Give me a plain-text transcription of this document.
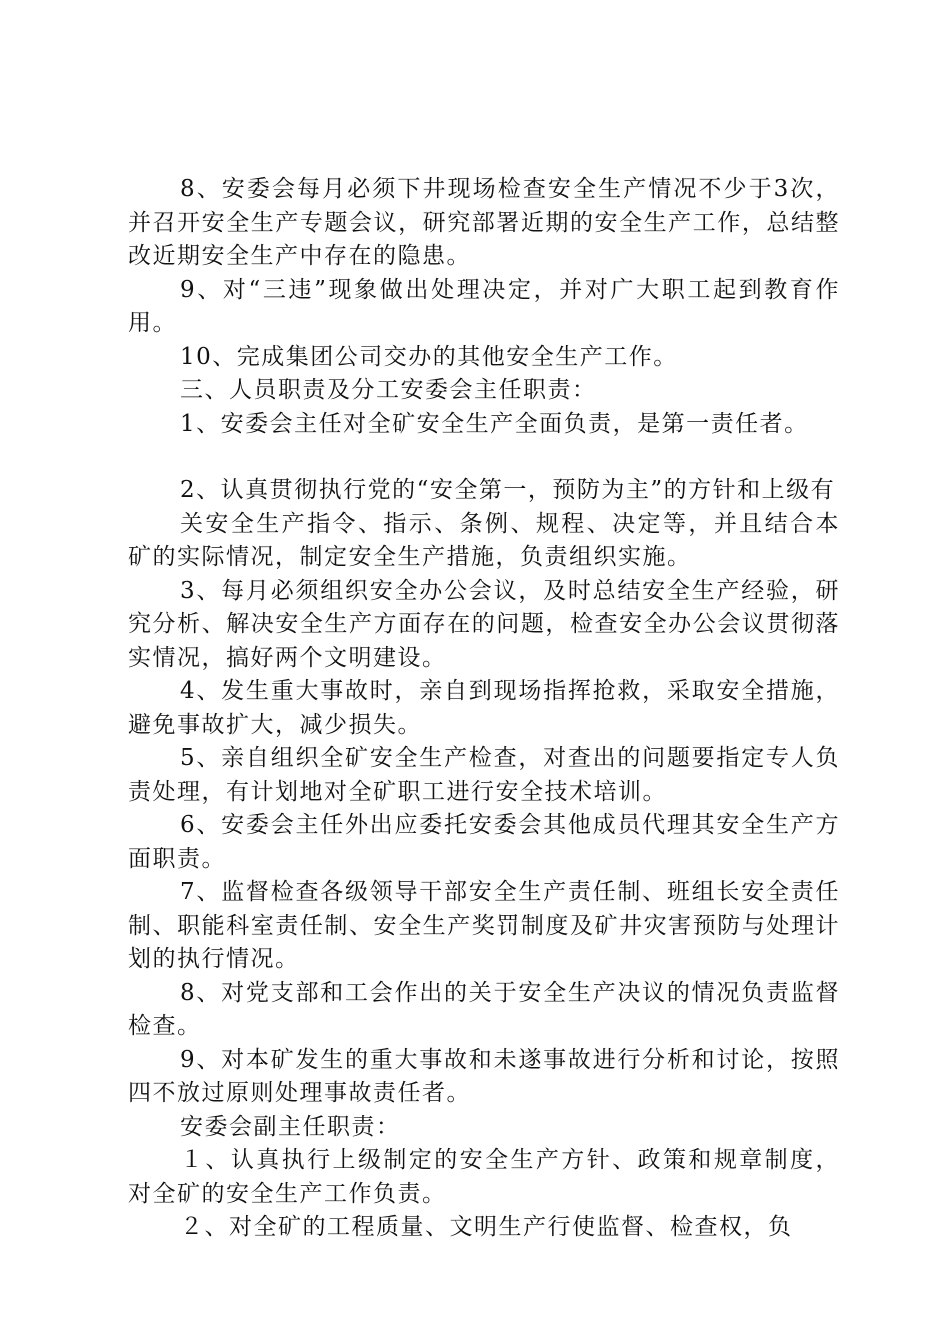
8、安委会每月必须下井现场检查安全生产情况不少于3次，并召开安全生产专题会议，研究部署近期的安全生产工作，总结整改近期安全生产中存在的隐患。

9、对“三违”现象做出处理决定，并对广大职工起到教育作用。

10、完成集团公司交办的其他安全生产工作。

三、人员职责及分工安委会主任职责：

1、安委会主任对全矿安全生产全面负责，是第一责任者。

2、认真贯彻执行党的“安全第一，预防为主”的方针和上级有

关安全生产指令、指示、条例、规程、决定等，并且结合本矿的实际情况，制定安全生产措施，负责组织实施。

3、每月必须组织安全办公会议，及时总结安全生产经验，研究分析、解决安全生产方面存在的问题，检查安全办公会议贯彻落实情况，搞好两个文明建设。

4、发生重大事故时，亲自到现场指挥抢救，采取安全措施，避免事故扩大，减少损失。

5、亲自组织全矿安全生产检查，对查出的问题要指定专人负责处理，有计划地对全矿职工进行安全技术培训。

6、安委会主任外出应委托安委会其他成员代理其安全生产方面职责。

7、监督检查各级领导干部安全生产责任制、班组长安全责任制、职能科室责任制、安全生产奖罚制度及矿井灾害预防与处理计划的执行情况。

8、对党支部和工会作出的关于安全生产决议的情况负责监督检查。

9、对本矿发生的重大事故和未遂事故进行分析和讨论，按照四不放过原则处理事故责任者。

安委会副主任职责：

１、认真执行上级制定的安全生产方针、政策和规章制度，对全矿的安全生产工作负责。

２、对全矿的工程质量、文明生产行使监督、检查权，负
